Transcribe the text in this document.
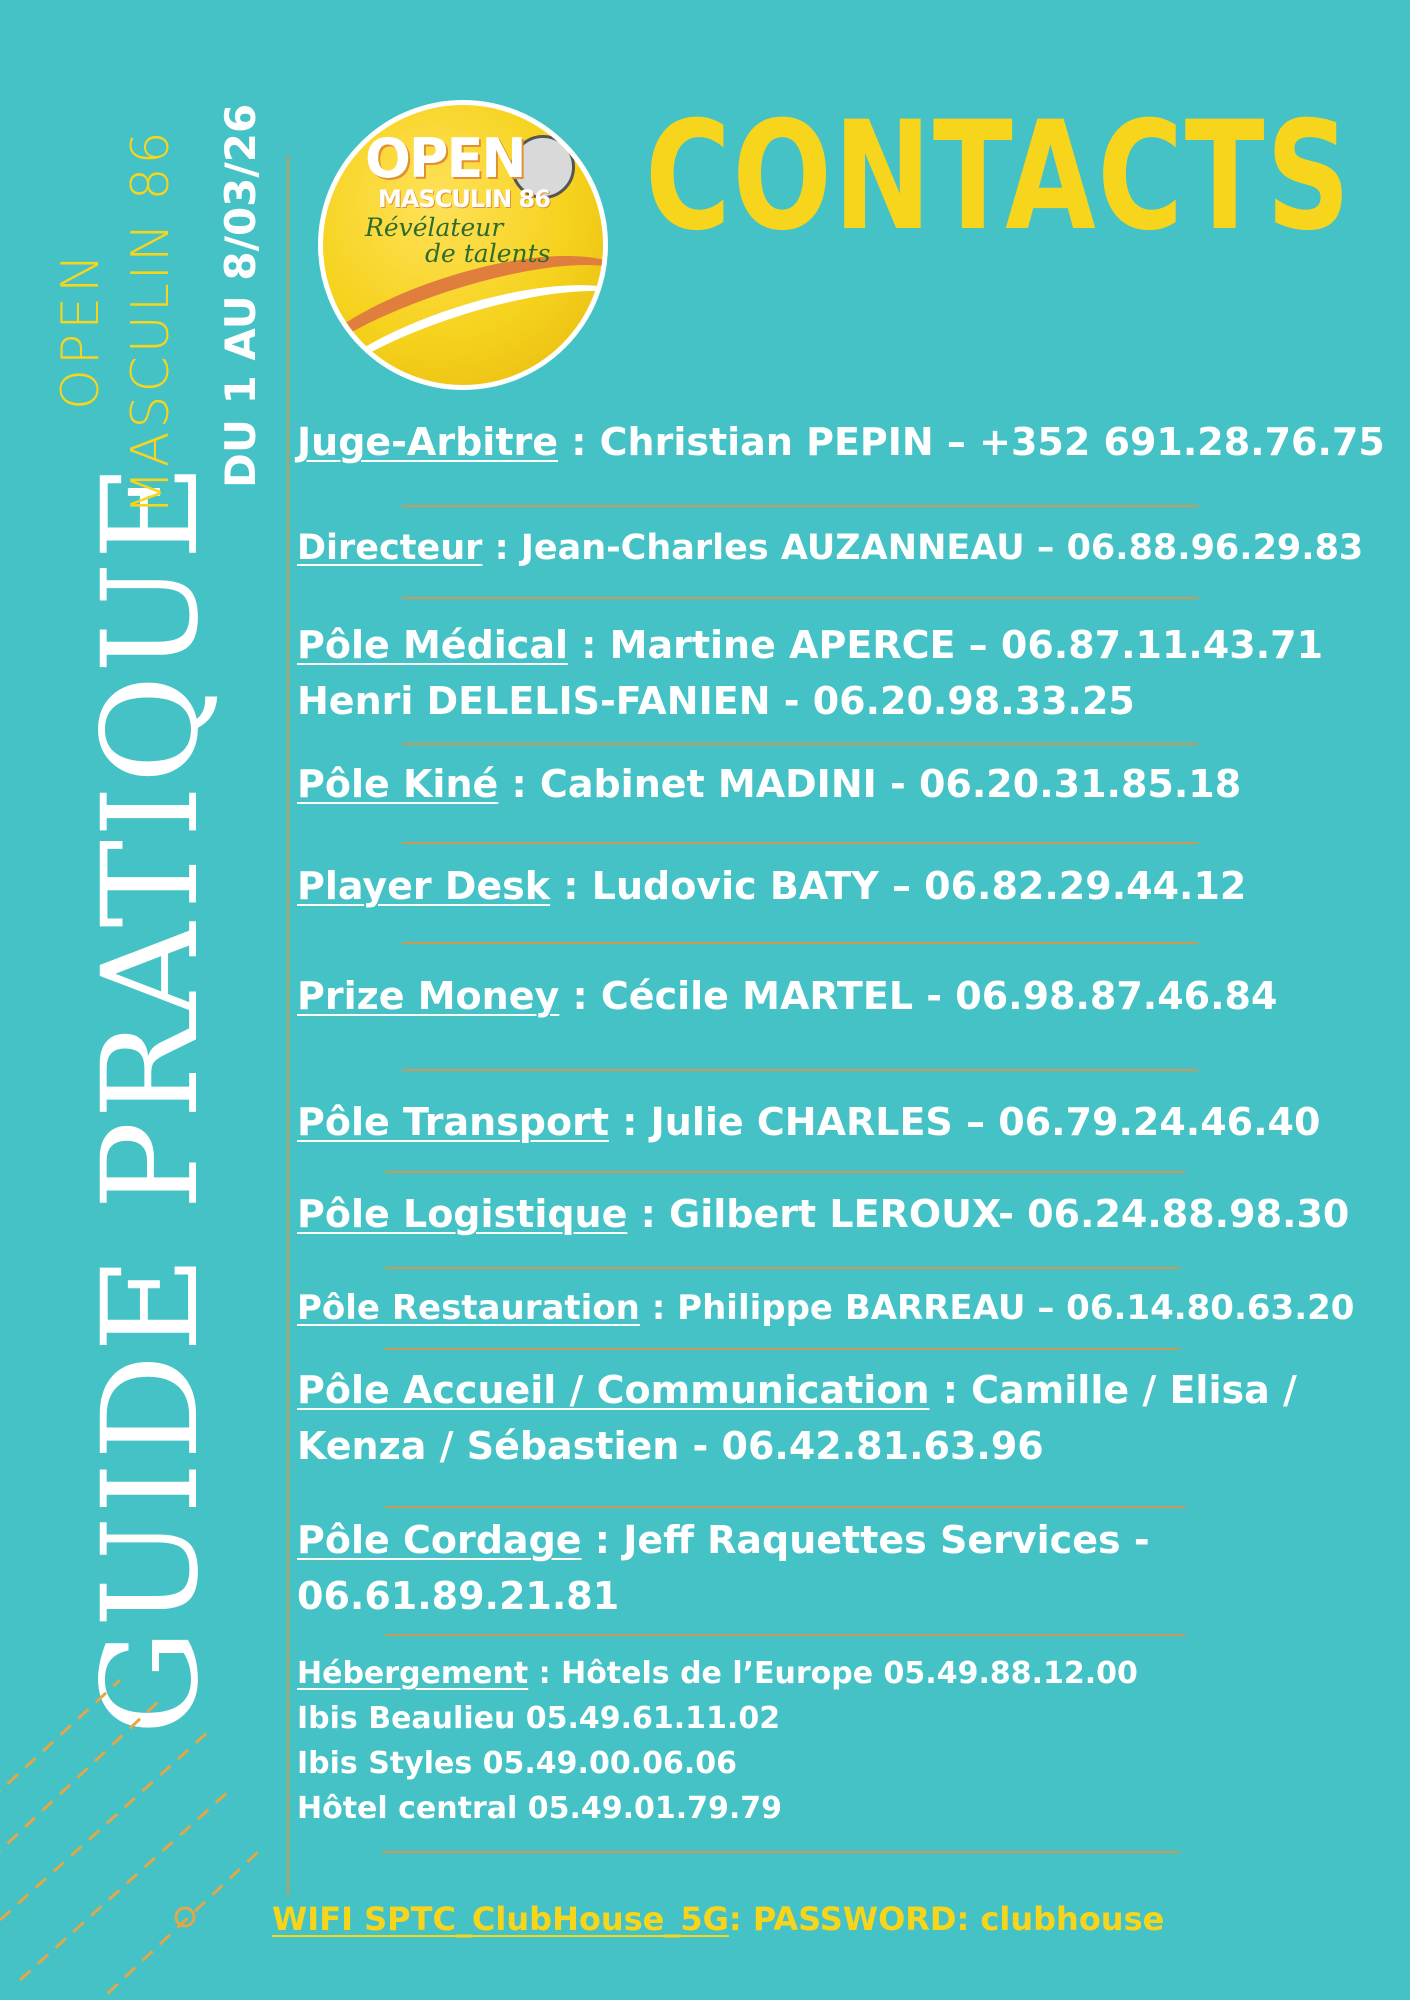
GUIDE PRATIQUE
OPEN MASCULIN 86 DU 1 AU 8/03/26 OPEN
MASCULIN 86
Révélateur
de talents CONTACTS
Juge-Arbitre : Christian PEPIN – +352 691.28.76.75
Directeur : Jean-Charles AUZANNEAU – 06.88.96.29.83
Pôle Médical : Martine APERCE – 06.87.11.43.71
Henri DELELIS-FANIEN - 06.20.98.33.25
Pôle Kiné : Cabinet MADINI - 06.20.31.85.18
Player Desk : Ludovic BATY – 06.82.29.44.12
Prize Money : Cécile MARTEL - 06.98.87.46.84
Pôle Transport : Julie CHARLES – 06.79.24.46.40
Pôle Logistique : Gilbert LEROUX- 06.24.88.98.30
Pôle Restauration : Philippe BARREAU – 06.14.80.63.20
Pôle Accueil / Communication : Camille / Elisa /
Kenza / Sébastien - 06.42.81.63.96
Pôle Cordage : Jeff Raquettes Services -
06.61.89.21.81
Hébergement : Hôtels de l’Europe 05.49.88.12.00
Ibis Beaulieu 05.49.61.11.02
Ibis Styles 05.49.00.06.06
Hôtel central 05.49.01.79.79
WIFI SPTC_ClubHouse_5G: PASSWORD: clubhouse
